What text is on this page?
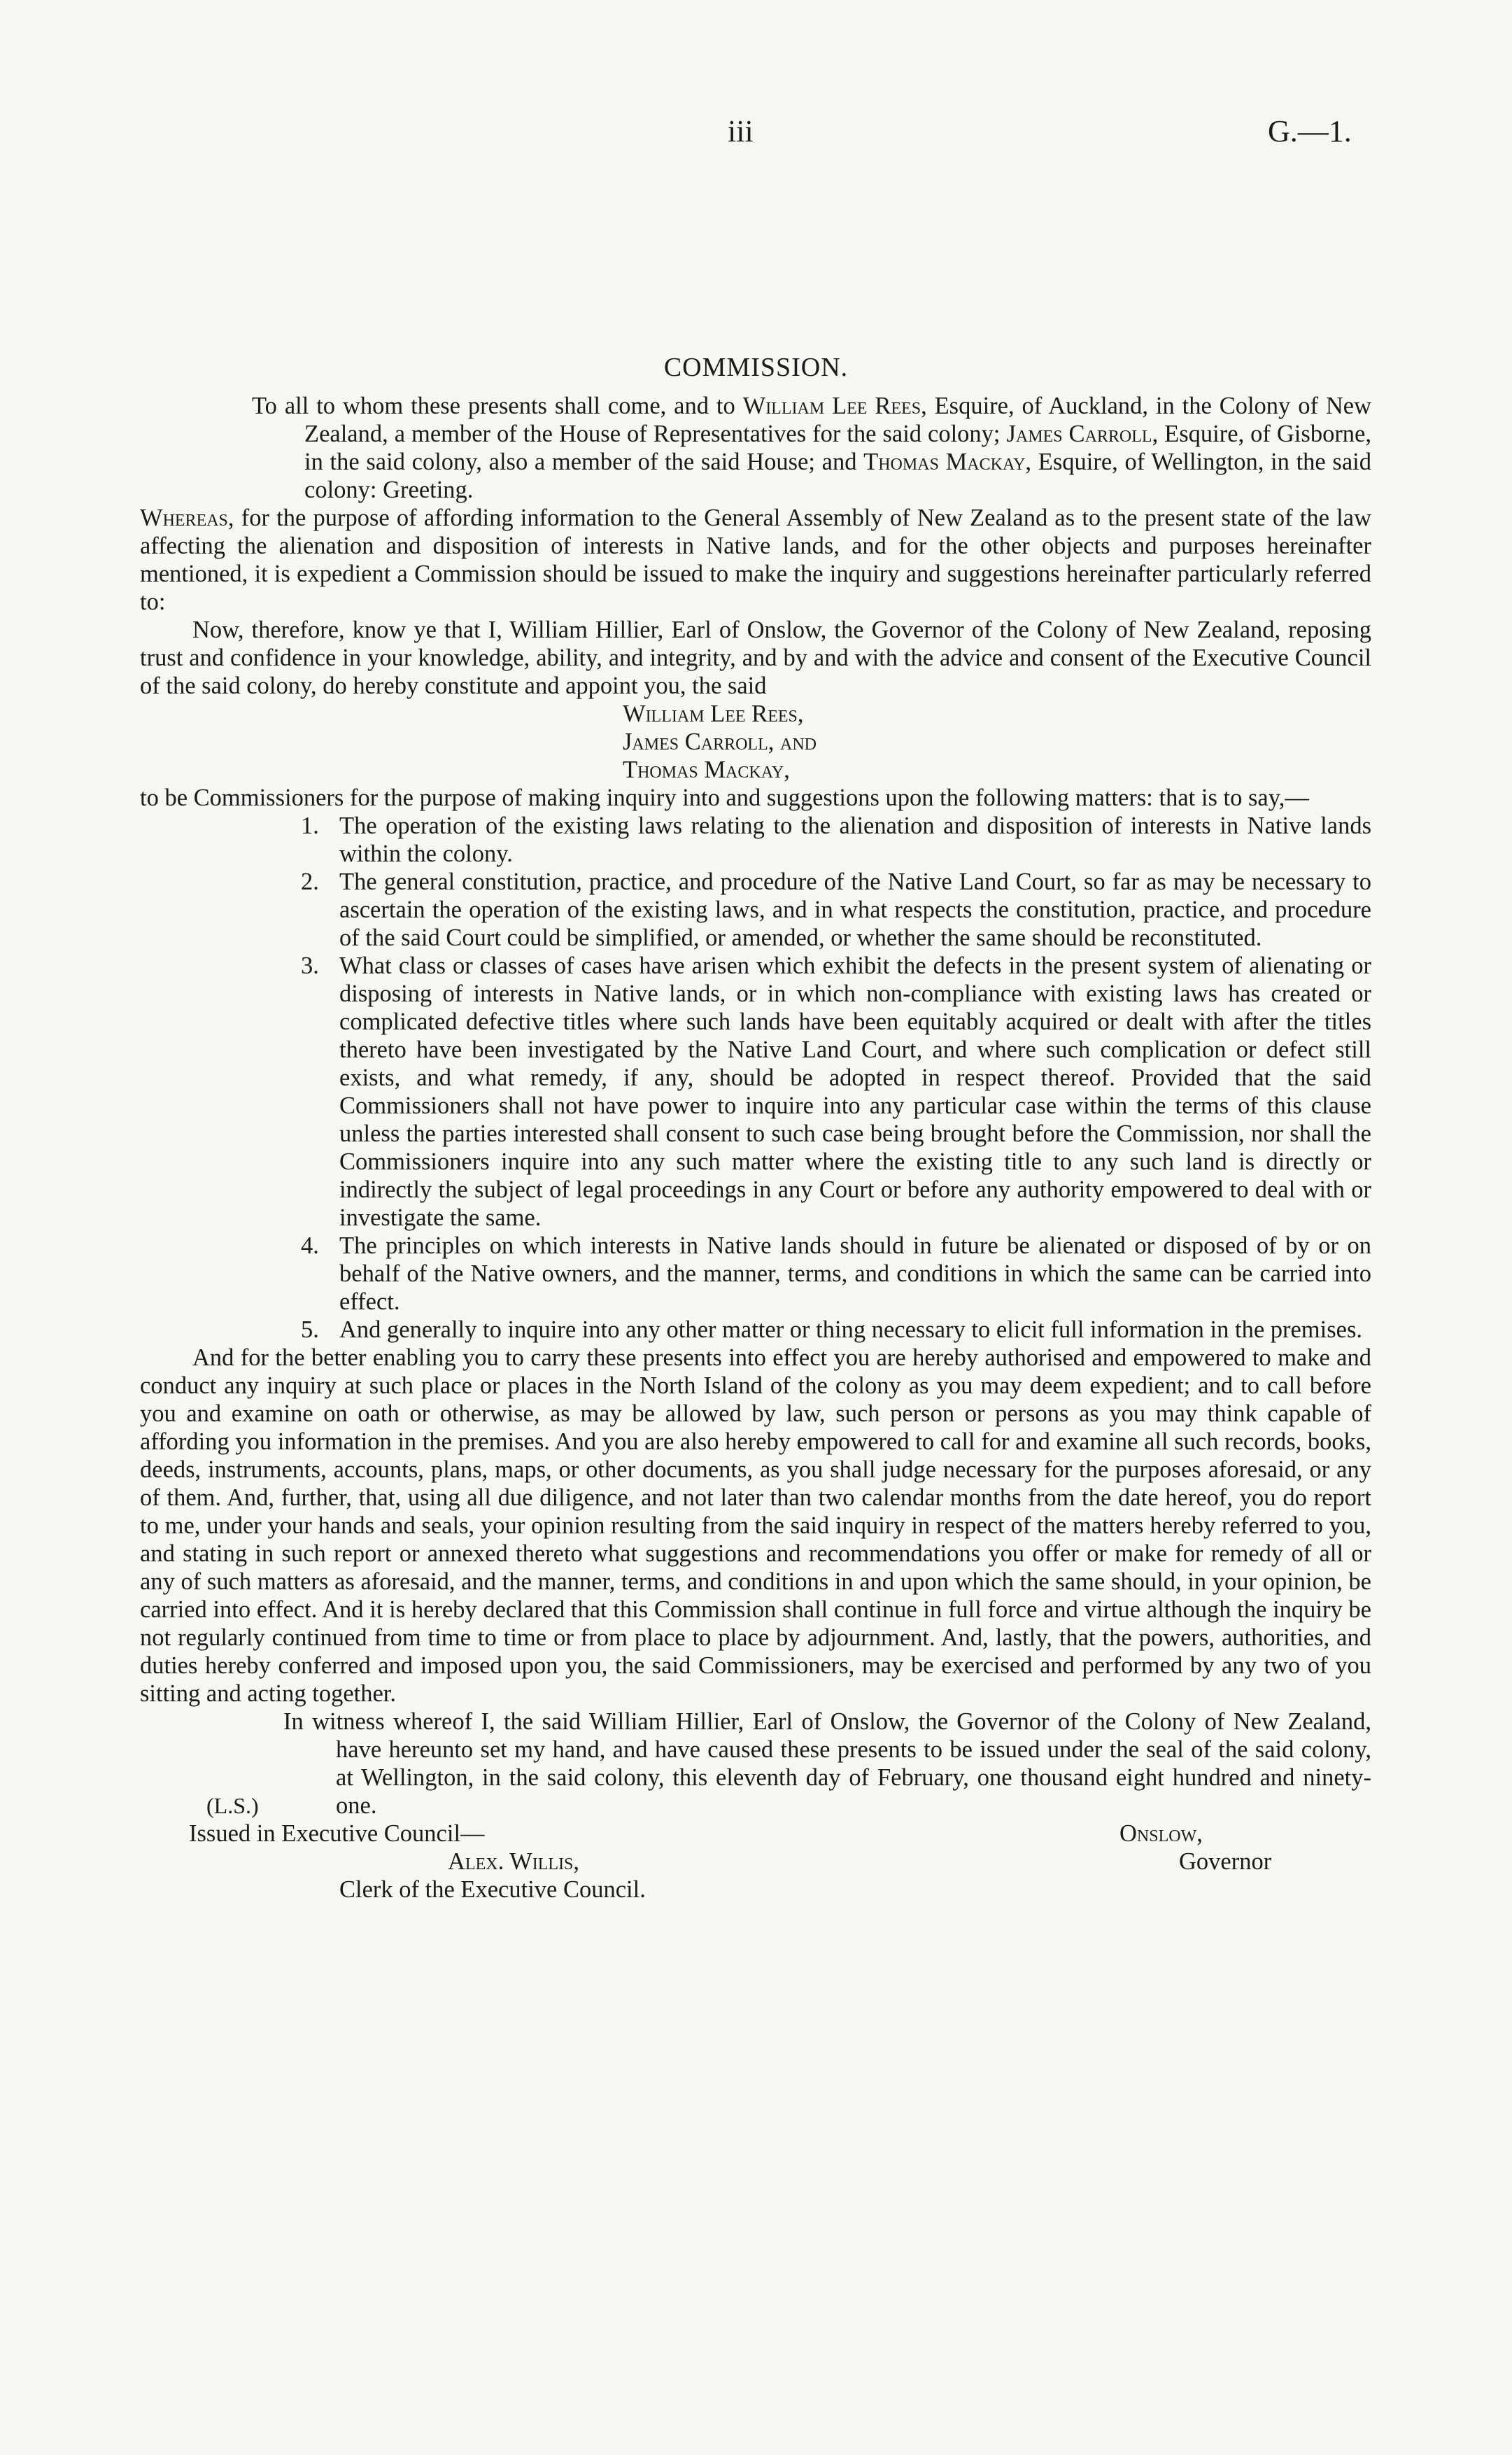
iii	G.—1.
COMMISSION.

To all to whom these presents shall come, and to William Lee Rees, Esquire, of Auckland, in the Colony of New Zealand, a member of the House of Representatives for the said colony; James Carroll, Esquire, of Gisborne, in the said colony, also a member of the said House; and Thomas Mackay, Esquire, of Wellington, in the said colony: Greeting.

Whereas, for the purpose of affording information to the General Assembly of New Zealand as to the present state of the law affecting the alienation and disposition of interests in Native lands, and for the other objects and purposes hereinafter mentioned, it is expedient a Commission should be issued to make the inquiry and suggestions hereinafter particularly referred to:

Now, therefore, know ye that I, William Hillier, Earl of Onslow, the Governor of the Colony of New Zealand, reposing trust and confidence in your knowledge, ability, and integrity, and by and with the advice and consent of the Executive Council of the said colony, do hereby constitute and appoint you, the said

William Lee Rees,
James Carroll, and
Thomas Mackay,

to be Commissioners for the purpose of making inquiry into and suggestions upon the following matters: that is to say,—

1. The operation of the existing laws relating to the alienation and disposition of interests in Native lands within the colony.
2. The general constitution, practice, and procedure of the Native Land Court, so far as may be necessary to ascertain the operation of the existing laws, and in what respects the constitution, practice, and procedure of the said Court could be simplified, or amended, or whether the same should be reconstituted.
3. What class or classes of cases have arisen which exhibit the defects in the present system of alienating or disposing of interests in Native lands, or in which non-compliance with existing laws has created or complicated defective titles where such lands have been equitably acquired or dealt with after the titles thereto have been investigated by the Native Land Court, and where such complication or defect still exists, and what remedy, if any, should be adopted in respect thereof. Provided that the said Commissioners shall not have power to inquire into any particular case within the terms of this clause unless the parties interested shall consent to such case being brought before the Commission, nor shall the Commissioners inquire into any such matter where the existing title to any such land is directly or indirectly the subject of legal proceedings in any Court or before any authority empowered to deal with or investigate the same.
4. The principles on which interests in Native lands should in future be alienated or disposed of by or on behalf of the Native owners, and the manner, terms, and conditions in which the same can be carried into effect.
5. And generally to inquire into any other matter or thing necessary to elicit full information in the premises.

And for the better enabling you to carry these presents into effect you are hereby authorised and empowered to make and conduct any inquiry at such place or places in the North Island of the colony as you may deem expedient; and to call before you and examine on oath or otherwise, as may be allowed by law, such person or persons as you may think capable of affording you information in the premises. And you are also hereby empowered to call for and examine all such records, books, deeds, instruments, accounts, plans, maps, or other documents, as you shall judge necessary for the purposes aforesaid, or any of them. And, further, that, using all due diligence, and not later than two calendar months from the date hereof, you do report to me, under your hands and seals, your opinion resulting from the said inquiry in respect of the matters hereby referred to you, and stating in such report or annexed thereto what suggestions and recommendations you offer or make for remedy of all or any of such matters as aforesaid, and the manner, terms, and conditions in and upon which the same should, in your opinion, be carried into effect. And it is hereby declared that this Commission shall continue in full force and virtue although the inquiry be not regularly continued from time to time or from place to place by adjournment. And, lastly, that the powers, authorities, and duties hereby conferred and imposed upon you, the said Commissioners, may be exercised and performed by any two of you sitting and acting together.

In witness whereof I, the said William Hillier, Earl of Onslow, the Governor of the Colony of New Zealand, have hereunto set my hand, and have caused these presents to be issued under the seal of the said colony, at Wellington, in the said colony, this eleventh day of February, one thousand eight hundred and ninety-one.
(L.S.)

Issued in Executive Council—	Onslow,
Alex. Willis,	Governor
Clerk of the Executive Council.
